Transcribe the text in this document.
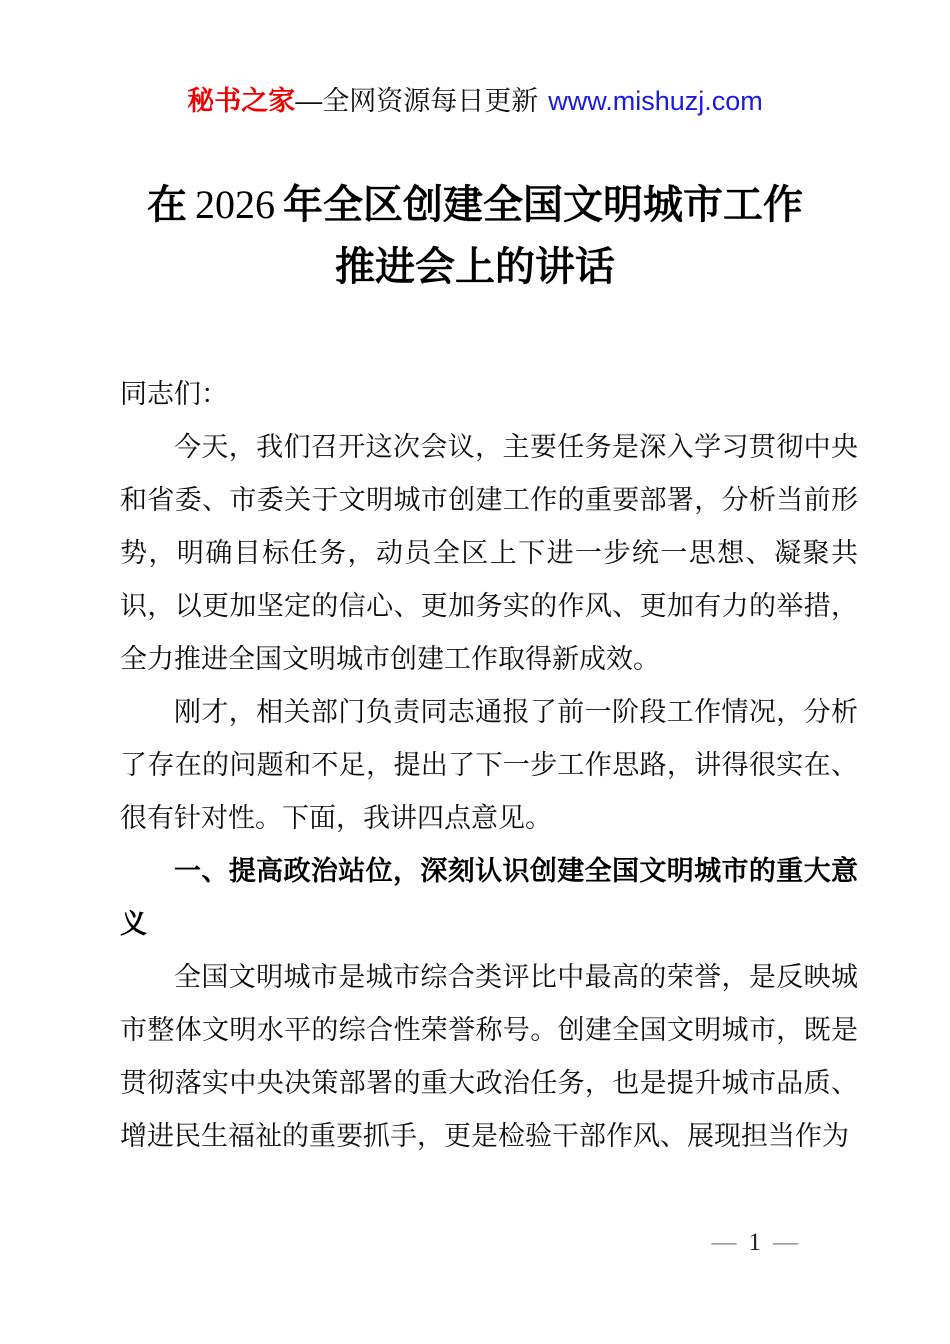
秘书之家—全网资源每日更新 www.mishuzj.com
在 2026 年全区创建全国文明城市工作
推进会上的讲话

同志们：

今天，我们召开这次会议，主要任务是深入学习贯彻中央和省委、市委关于文明城市创建工作的重要部署，分析当前形势，明确目标任务，动员全区上下进一步统一思想、凝聚共识，以更加坚定的信心、更加务实的作风、更加有力的举措，全力推进全国文明城市创建工作取得新成效。

刚才，相关部门负责同志通报了前一阶段工作情况，分析了存在的问题和不足，提出了下一步工作思路，讲得很实在、很有针对性。下面，我讲四点意见。

一、提高政治站位，深刻认识创建全国文明城市的重大意义

全国文明城市是城市综合类评比中最高的荣誉，是反映城市整体文明水平的综合性荣誉称号。创建全国文明城市，既是贯彻落实中央决策部署的重大政治任务，也是提升城市品质、增进民生福祉的重要抓手，更是检验干部作风、展现担当作为

— 1 —
